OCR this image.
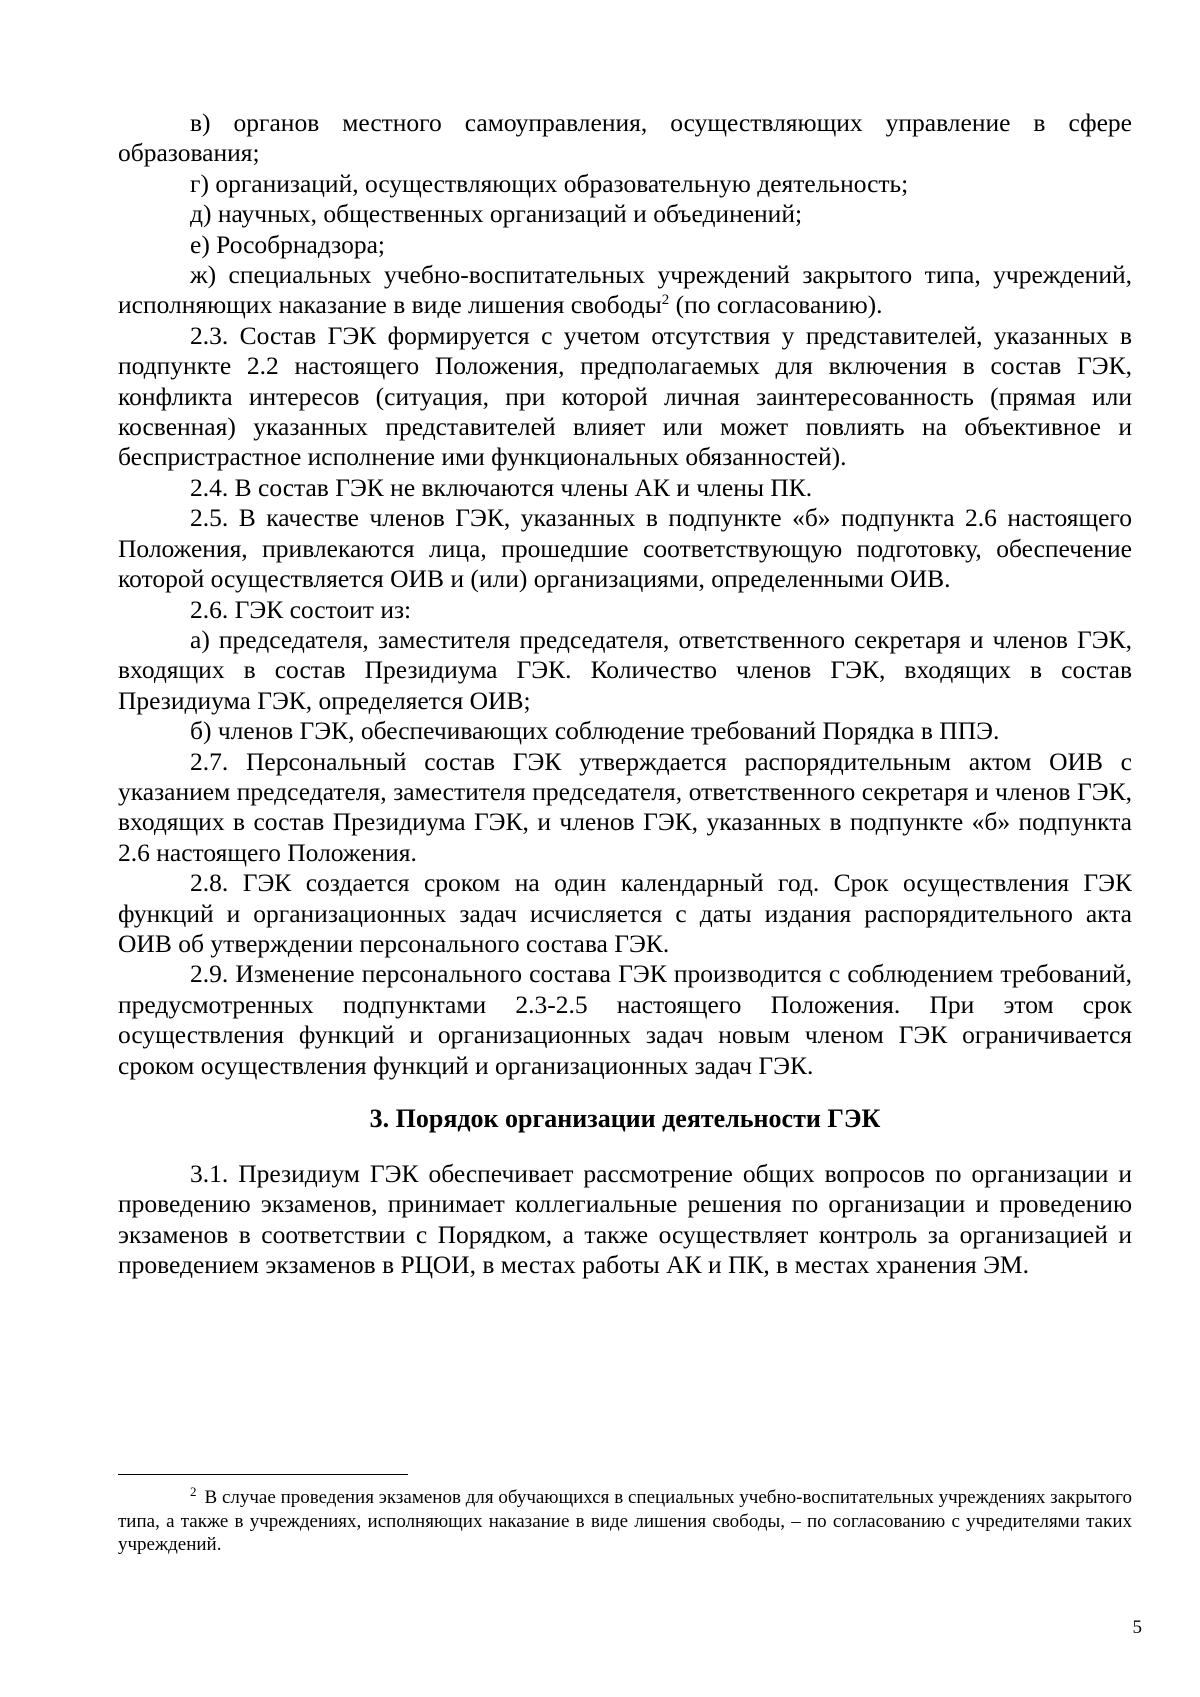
в) органов местного самоуправления, осуществляющих управление в сфере образования;

г) организаций, осуществляющих образовательную деятельность;

д) научных, общественных организаций и объединений;

е) Рособрнадзора;

ж) специальных учебно-воспитательных учреждений закрытого типа, учреждений, исполняющих наказание в виде лишения свободы$^2$ (по согласованию).

2.3. Состав ГЭК формируется с учетом отсутствия у представителей, указанных в подпункте 2.2 настоящего Положения, предполагаемых для включения в состав ГЭК, конфликта интересов (ситуация, при которой личная заинтересованность (прямая или косвенная) указанных представителей влияет или может повлиять на объективное и беспристрастное исполнение ими функциональных обязанностей).

2.4. В состав ГЭК не включаются члены АК и члены ПК.

2.5. В качестве членов ГЭК, указанных в подпункте «б» подпункта 2.6 настоящего Положения, привлекаются лица, прошедшие соответствующую подготовку, обеспечение которой осуществляется ОИВ и (или) организациями, определенными ОИВ.

2.6. ГЭК состоит из:

а) председателя, заместителя председателя, ответственного секретаря и членов ГЭК, входящих в состав Президиума ГЭК. Количество членов ГЭК, входящих в состав Президиума ГЭК, определяется ОИВ;

б) членов ГЭК, обеспечивающих соблюдение требований Порядка в ППЭ.

2.7. Персональный состав ГЭК утверждается распорядительным актом ОИВ с указанием председателя, заместителя председателя, ответственного секретаря и членов ГЭК, входящих в состав Президиума ГЭК, и членов ГЭК, указанных в подпункте «б» подпункта 2.6 настоящего Положения.

2.8. ГЭК создается сроком на один календарный год. Срок осуществления ГЭК функций и организационных задач исчисляется с даты издания распорядительного акта ОИВ об утверждении персонального состава ГЭК.

2.9. Изменение персонального состава ГЭК производится с соблюдением требований, предусмотренных подпунктами 2.3-2.5 настоящего Положения. При этом срок осуществления функций и организационных задач новым членом ГЭК ограничивается сроком осуществления функций и организационных задач ГЭК.

3. Порядок организации деятельности ГЭК

3.1. Президиум ГЭК обеспечивает рассмотрение общих вопросов по организации и проведению экзаменов, принимает коллегиальные решения по организации и проведению экзаменов в соответствии с Порядком, а также осуществляет контроль за организацией и проведением экзаменов в РЦОИ, в местах работы АК и ПК, в местах хранения ЭМ.

$^2$ В случае проведения экзаменов для обучающихся в специальных учебно-воспитательных учреждениях закрытого типа, а также в учреждениях, исполняющих наказание в виде лишения свободы, – по согласованию с учредителями таких учреждений.

5
